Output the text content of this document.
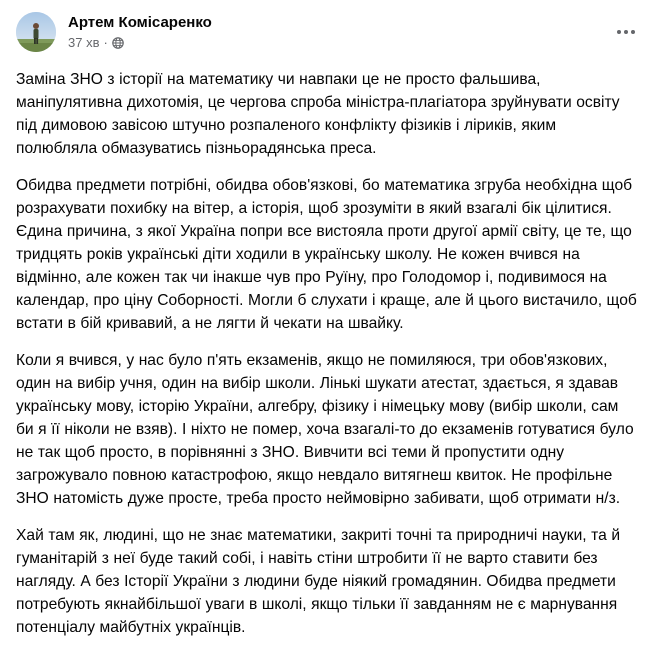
Артем Комісаренко
37 хв ·

Заміна ЗНО з історії на математику чи навпаки це не просто фальшива, маніпулятивна дихотомія, це чергова спроба міністра-плагіатора зруйнувати освіту під димовою завісою штучно розпаленого конфлікту фізиків і ліриків, яким полюбляла обмазуватись пізньорадянська преса.

Обидва предмети потрібні, обидва обов'язкові, бо математика згруба необхідна щоб розрахувати похибку на вітер, а історія, щоб зрозуміти в який взагалі бік цілитися. Єдина причина, з якої Україна попри все вистояла проти другої армії світу, це те, що тридцять років українські діти ходили в українську школу. Не кожен вчився на відмінно, але кожен так чи інакше чув про Руїну, про Голодомор і, подивимося на календар, про ціну Соборності. Могли б слухати і краще, але й цього вистачило, щоб встати в бій кривавий, а не лягти й чекати на швайку.

Коли я вчився, у нас було п'ять екзаменів, якщо не помиляюся, три обов'язкових, один на вибір учня, один на вибір школи. Лінькі шукати атестат, здається, я здавав українську мову, історію України, алгебру, фізику і німецьку мову (вибір школи, сам би я її ніколи не взяв). І ніхто не помер, хоча взагалі-то до екзаменів готуватися було не так щоб просто, в порівнянні з ЗНО. Вивчити всі теми й пропустити одну загрожувало повною катастрофою, якщо невдало витягнеш квиток. Не профільне ЗНО натомість дуже просте, треба просто неймовірно забивати, щоб отримати н/з.

Хай там як, людині, що не знає математики, закриті точні та природничі науки, та й гуманітарій з неї буде такий собі, і навіть стіни штробити її не варто ставити без нагляду. А без Історії України з людини буде ніякий громадянин. Обидва предмети потребують якнайбільшої уваги в школі, якщо тільки її завданням не є марнування потенціалу майбутніх українців.
